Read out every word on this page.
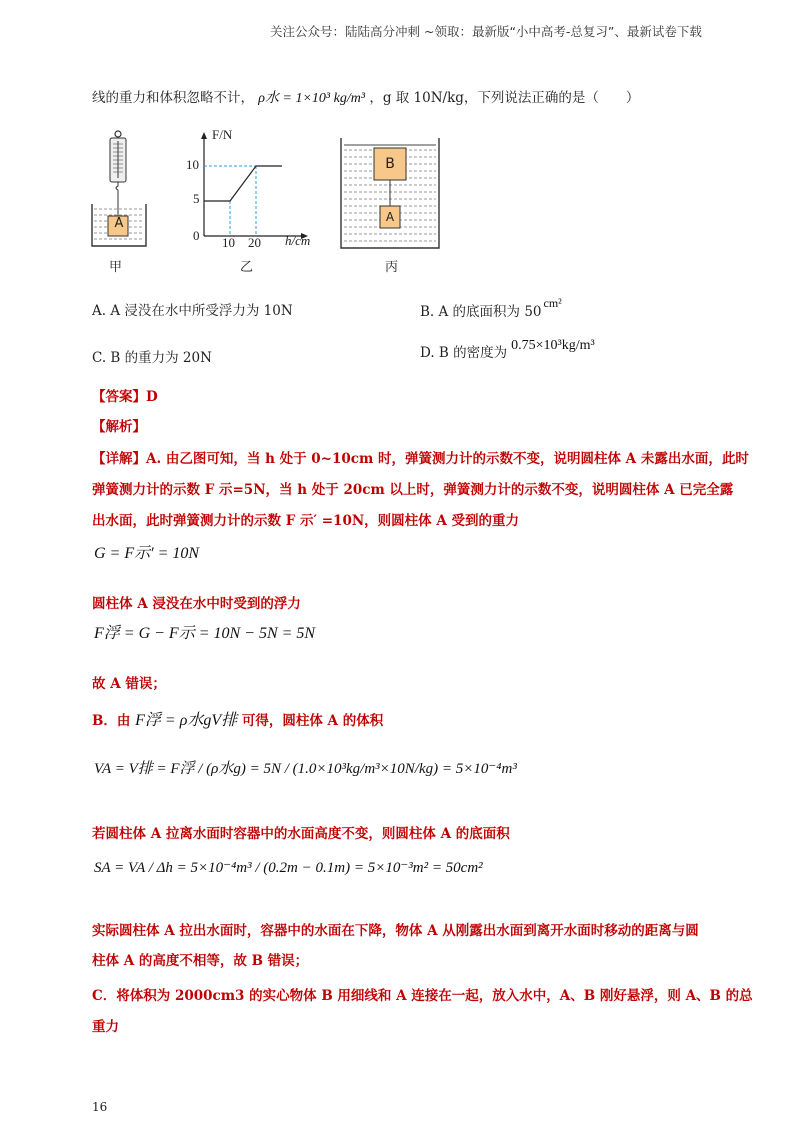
关注公众号：陆陆高分冲刺 ~领取：最新版“小中高考-总复习”、最新试卷下载
线的重力和体积忽略不计， ρ水 = 1×10³ kg/m³ ，g 取 10N/kg，下列说法正确的是（　　）
A
甲
F/N
h/cm
10
5
0 10 20
乙
B
A
丙
A. A 浸没在水中所受浮力为 10N	B. A 的底面积为 50cm²
C. B 的重力为 20N	D. B 的密度为 0.75×10³kg/m³
【答案】D
【解析】
【详解】A. 由乙图可知，当 h 处于 0~10cm 时，弹簧测力计的示数不变，说明圆柱体 A 未露出水面，此时
弹簧测力计的示数 F 示=5N，当 h 处于 20cm 以上时，弹簧测力计的示数不变，说明圆柱体 A 已完全露
出水面，此时弹簧测力计的示数 F 示′ =10N，则圆柱体 A 受到的重力
G = F示′ = 10N
圆柱体 A 浸没在水中时受到的浮力
F浮 = G − F示 = 10N − 5N = 5N
故 A 错误；
B．由 F浮 = ρ水gV排 可得，圆柱体 A 的体积
VA = V排 = F浮 / (ρ水g) = 5N / (1.0×10³kg/m³×10N/kg) = 5×10⁻⁴m³
若圆柱体 A 拉离水面时容器中的水面高度不变，则圆柱体 A 的底面积
SA = VA / Δh = 5×10⁻⁴m³ / (0.2m − 0.1m) = 5×10⁻³m² = 50cm²
实际圆柱体 A 拉出水面时，容器中的水面在下降，物体 A 从刚露出水面到离开水面时移动的距离与圆
柱体 A 的高度不相等，故 B 错误；
C．将体积为 2000cm3 的实心物体 B 用细线和 A 连接在一起，放入水中，A、B 刚好悬浮，则 A、B 的总
重力
16
